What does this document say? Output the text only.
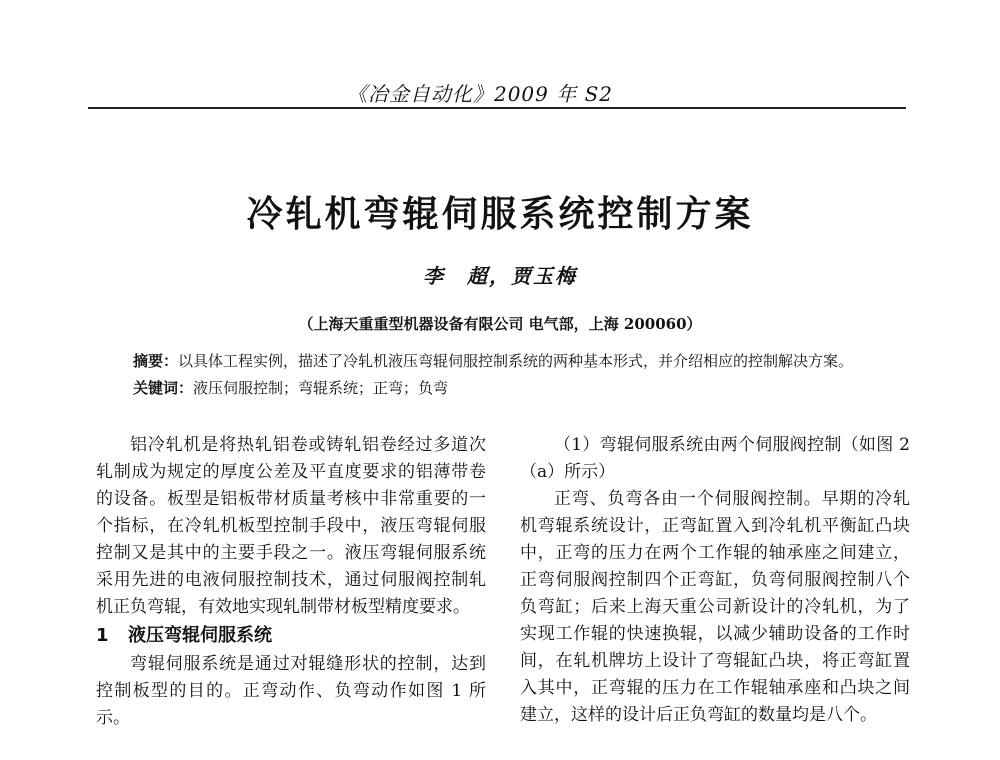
《冶金自动化》2009 年 S2
冷轧机弯辊伺服系统控制方案
李　超，贾玉梅
（上海天重重型机器设备有限公司 电气部，上海 200060）
摘要：以具体工程实例，描述了冷轧机液压弯辊伺服控制系统的两种基本形式，并介绍相应的控制解决方案。
关键词：液压伺服控制；弯辊系统；正弯；负弯

铝冷轧机是将热轧铝卷或铸轧铝卷经过多道次轧制成为规定的厚度公差及平直度要求的铝薄带卷的设备。板型是铝板带材质量考核中非常重要的一个指标，在冷轧机板型控制手段中，液压弯辊伺服控制又是其中的主要手段之一。液压弯辊伺服系统采用先进的电液伺服控制技术，通过伺服阀控制轧机正负弯辊，有效地实现轧制带材板型精度要求。

1 液压弯辊伺服系统

弯辊伺服系统是通过对辊缝形状的控制，达到控制板型的目的。正弯动作、负弯动作如图 1 所示。

（1）弯辊伺服系统由两个伺服阀控制（如图 2（a）所示）

正弯、负弯各由一个伺服阀控制。早期的冷轧机弯辊系统设计，正弯缸置入到冷轧机平衡缸凸块中，正弯的压力在两个工作辊的轴承座之间建立，正弯伺服阀控制四个正弯缸，负弯伺服阀控制八个负弯缸；后来上海天重公司新设计的冷轧机，为了实现工作辊的快速换辊，以减少辅助设备的工作时间，在轧机牌坊上设计了弯辊缸凸块，将正弯缸置入其中，正弯辊的压力在工作辊轴承座和凸块之间建立，这样的设计后正负弯缸的数量均是八个。
